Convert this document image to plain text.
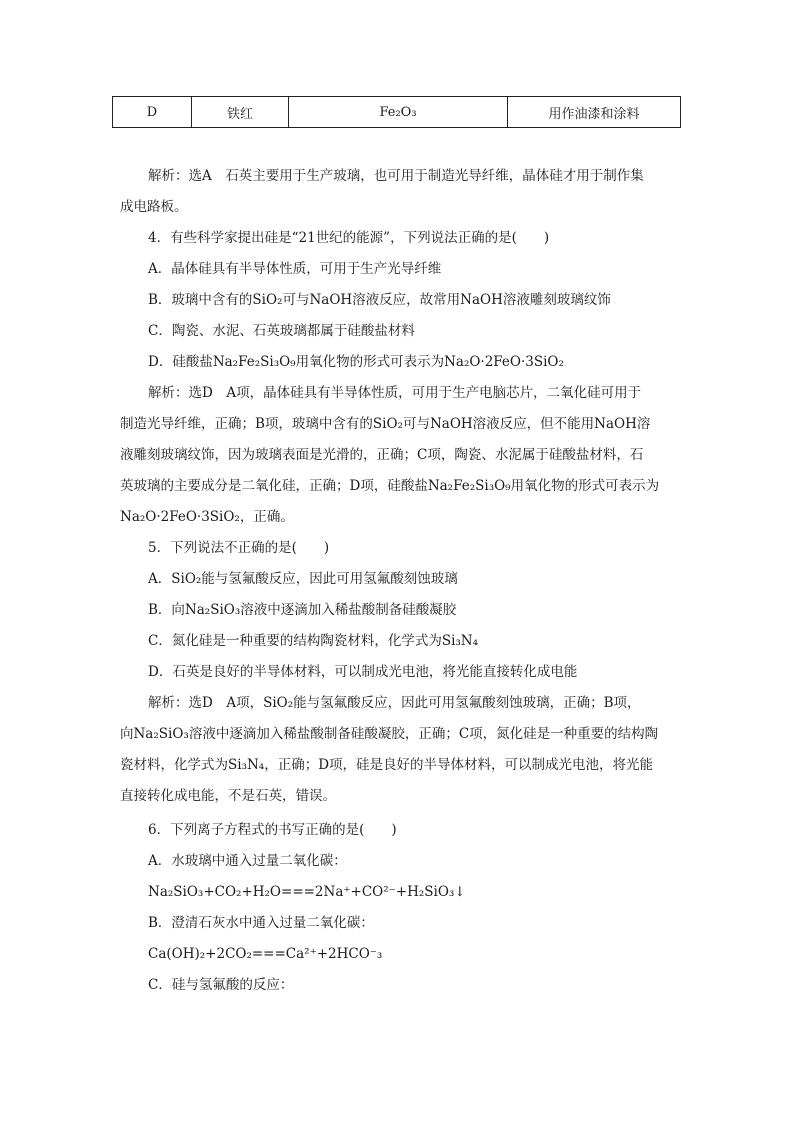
D	铁红	Fe₂O₃	用作油漆和涂料
解析：选A　石英主要用于生产玻璃，也可用于制造光导纤维，晶体硅才用于制作集
成电路板。
4．有些科学家提出硅是“21世纪的能源”，下列说法正确的是(　　)
A．晶体硅具有半导体性质，可用于生产光导纤维
B．玻璃中含有的SiO₂可与NaOH溶液反应，故常用NaOH溶液雕刻玻璃纹饰
C．陶瓷、水泥、石英玻璃都属于硅酸盐材料
D．硅酸盐Na₂Fe₂Si₃O₉用氧化物的形式可表示为Na₂O·2FeO·3SiO₂
解析：选D　A项，晶体硅具有半导体性质，可用于生产电脑芯片，二氧化硅可用于
制造光导纤维，正确；B项，玻璃中含有的SiO₂可与NaOH溶液反应，但不能用NaOH溶
液雕刻玻璃纹饰，因为玻璃表面是光滑的，正确；C项，陶瓷、水泥属于硅酸盐材料，石
英玻璃的主要成分是二氧化硅，正确；D项，硅酸盐Na₂Fe₂Si₃O₉用氧化物的形式可表示为
Na₂O·2FeO·3SiO₂，正确。
5．下列说法不正确的是(　　)
A．SiO₂能与氢氟酸反应，因此可用氢氟酸刻蚀玻璃
B．向Na₂SiO₃溶液中逐滴加入稀盐酸制备硅酸凝胶
C．氮化硅是一种重要的结构陶瓷材料，化学式为Si₃N₄
D．石英是良好的半导体材料，可以制成光电池，将光能直接转化成电能
解析：选D　A项，SiO₂能与氢氟酸反应，因此可用氢氟酸刻蚀玻璃，正确；B项，
向Na₂SiO₃溶液中逐滴加入稀盐酸制备硅酸凝胶，正确；C项，氮化硅是一种重要的结构陶
瓷材料，化学式为Si₃N₄，正确；D项，硅是良好的半导体材料，可以制成光电池，将光能
直接转化成电能，不是石英，错误。
6．下列离子方程式的书写正确的是(　　)
A．水玻璃中通入过量二氧化碳：
Na₂SiO₃+CO₂+H₂O===2Na⁺+CO²⁻+H₂SiO₃↓
B．澄清石灰水中通入过量二氧化碳：
Ca(OH)₂+2CO₂===Ca²⁺+2HCO⁻₃
C．硅与氢氟酸的反应：
